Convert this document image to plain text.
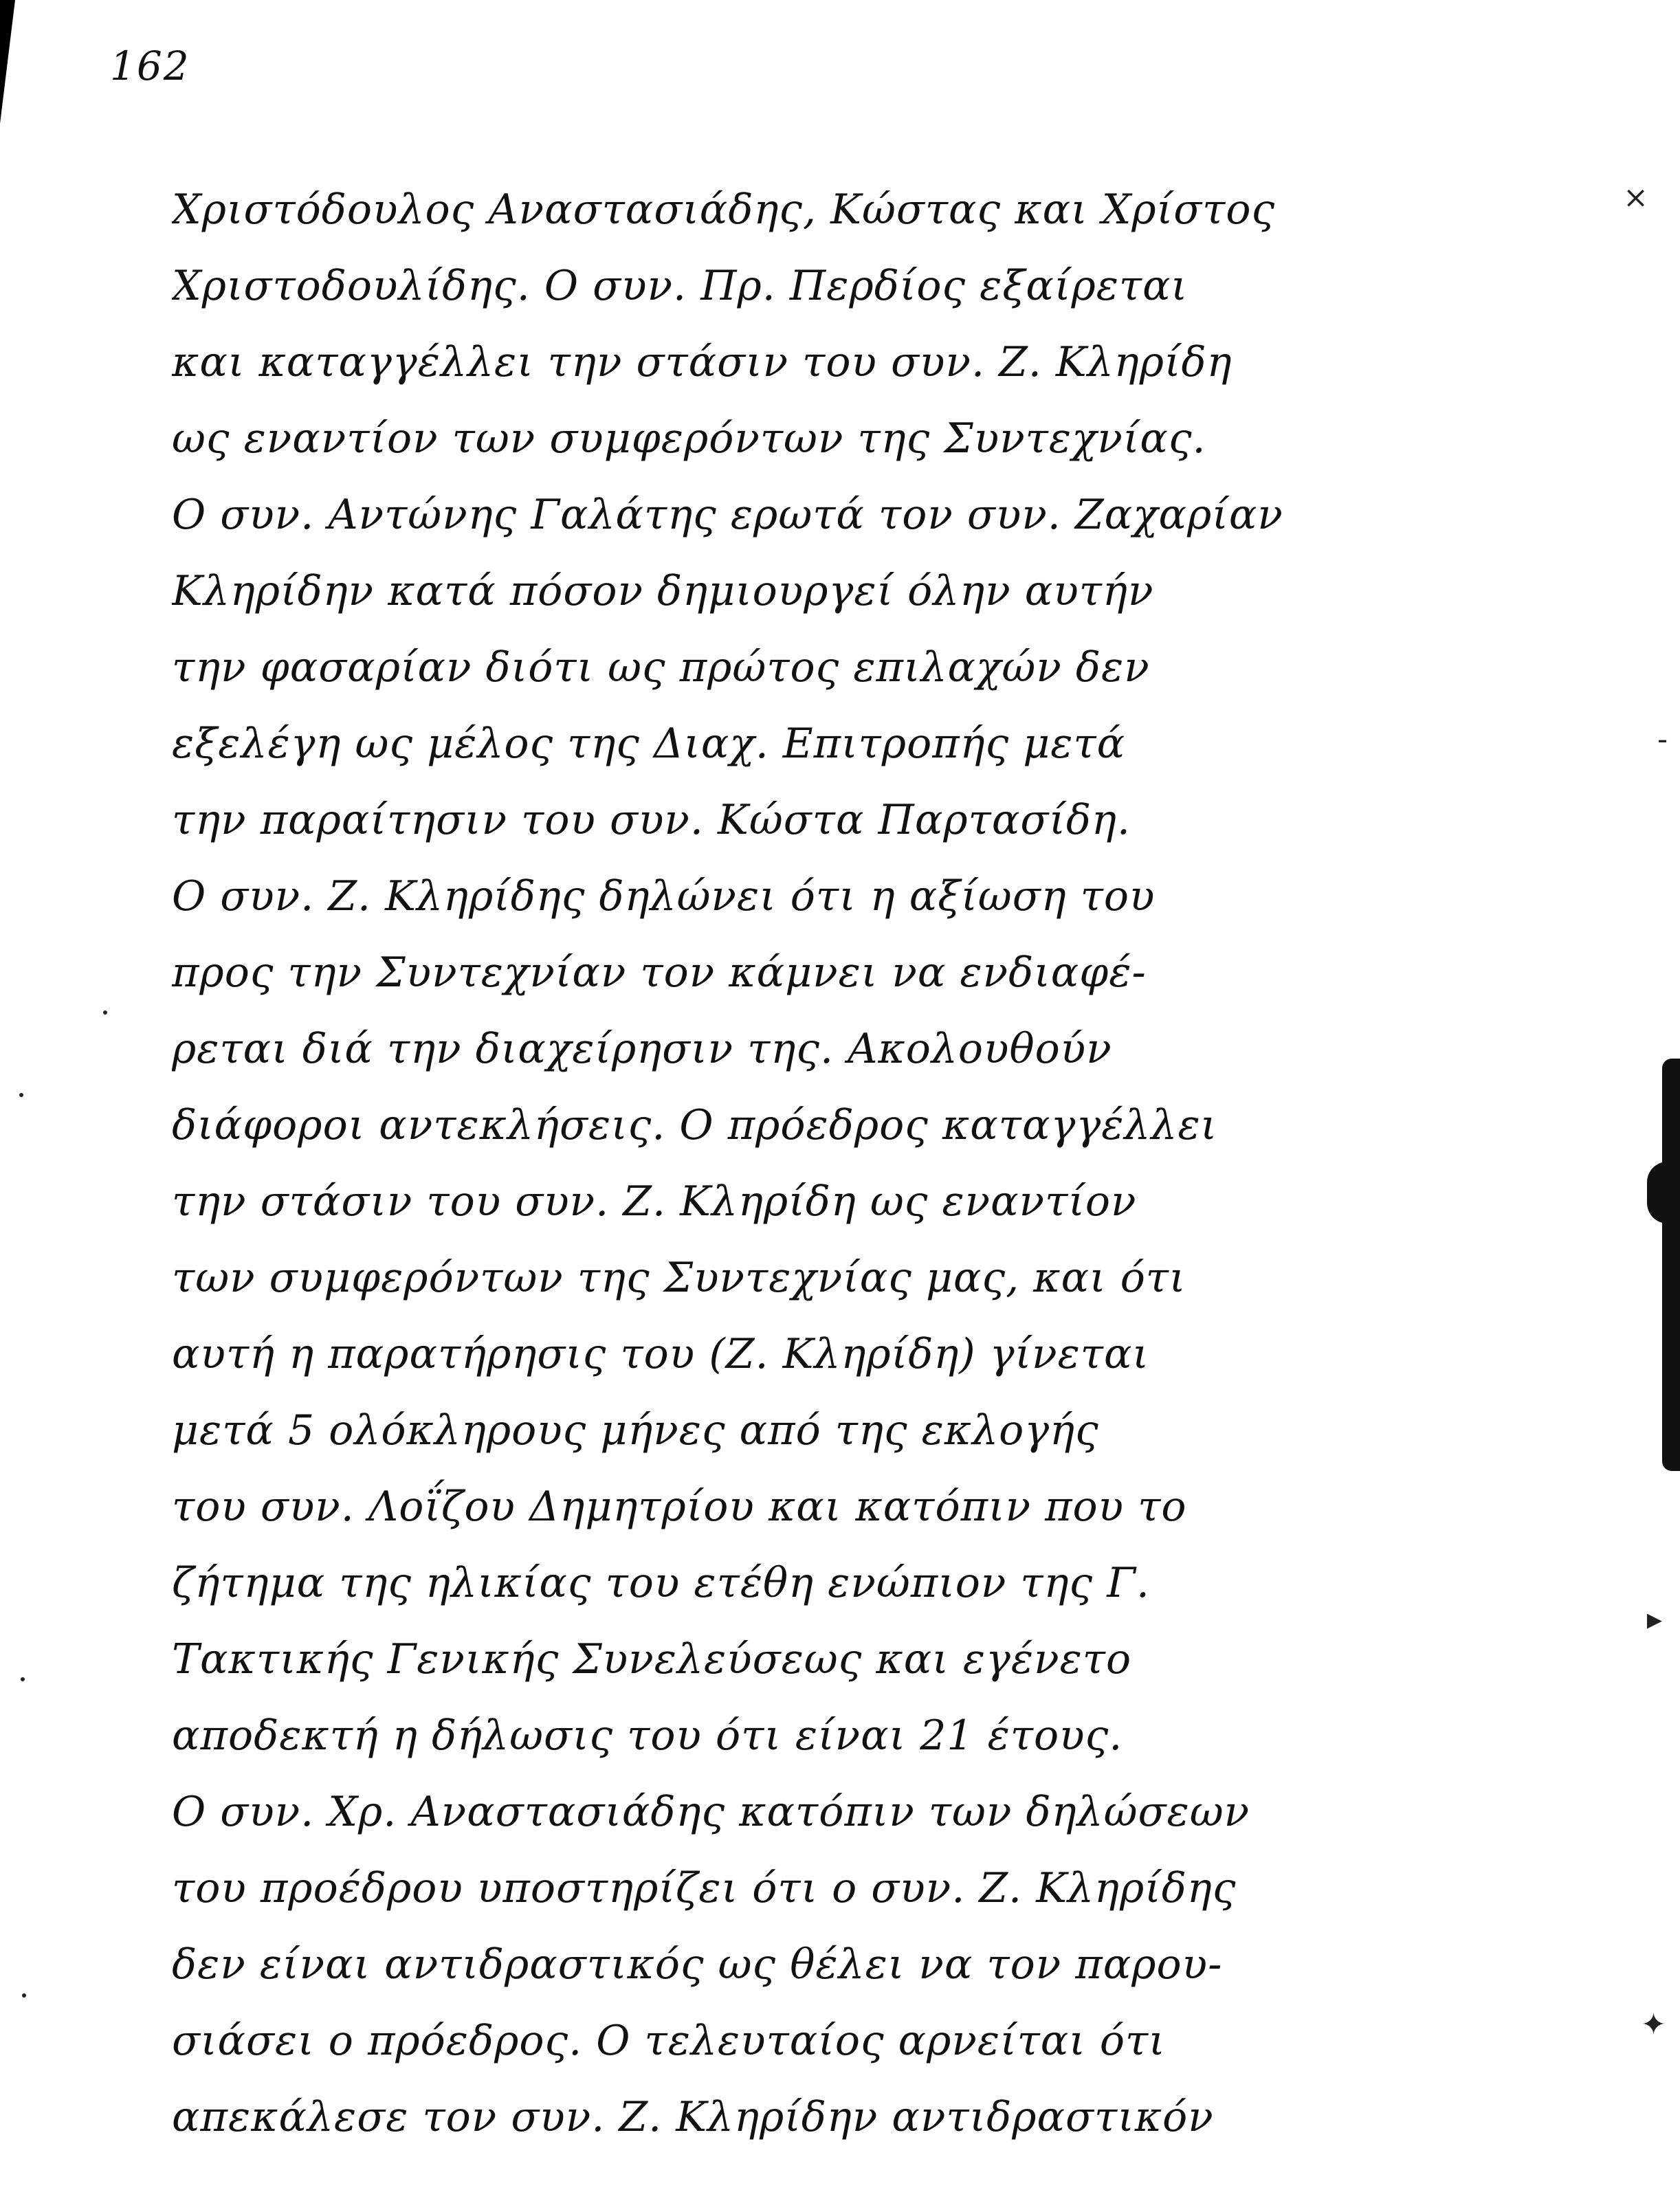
162
Χριστόδουλος Αναστασιάδης, Κώστας και Χρίστος
Χριστοδουλίδης. Ο συν. Πρ. Περδίος εξαίρεται
και καταγγέλλει την στάσιν του συν. Ζ. Κληρίδη
ως εναντίον των συμφερόντων της Συντεχνίας.
Ο συν. Αντώνης Γαλάτης ερωτά τον συν. Ζαχαρίαν
Κληρίδην κατά πόσον δημιουργεί όλην αυτήν
την φασαρίαν διότι ως πρώτος επιλαχών δεν
εξελέγη ως μέλος της Διαχ. Επιτροπής μετά
την παραίτησιν του συν. Κώστα Παρτασίδη.
Ο συν. Ζ. Κληρίδης δηλώνει ότι η αξίωση του
προς την Συντεχνίαν τον κάμνει να ενδιαφέ-
ρεται διά την διαχείρησιν της. Ακολουθούν
διάφοροι αντεκλήσεις. Ο πρόεδρος καταγγέλλει
την στάσιν του συν. Ζ. Κληρίδη ως εναντίον
των συμφερόντων της Συντεχνίας μας, και ότι
αυτή η παρατήρησις του (Ζ. Κληρίδη) γίνεται
μετά 5 ολόκληρους μήνες από της εκλογής
του συν. Λοΐζου Δημητρίου και κατόπιν που το
ζήτημα της ηλικίας του ετέθη ενώπιον της Γ.
Τακτικής Γενικής Συνελεύσεως και εγένετο
αποδεκτή η δήλωσις του ότι είναι 21 έτους.
Ο συν. Χρ. Αναστασιάδης κατόπιν των δηλώσεων
του προέδρου υποστηρίζει ότι ο συν. Ζ. Κληρίδης
δεν είναι αντιδραστικός ως θέλει να τον παρου-
σιάσει ο πρόεδρος. Ο τελευταίος αρνείται ότι
απεκάλεσε τον συν. Ζ. Κληρίδην αντιδραστικόν
×
-
▸
✦
